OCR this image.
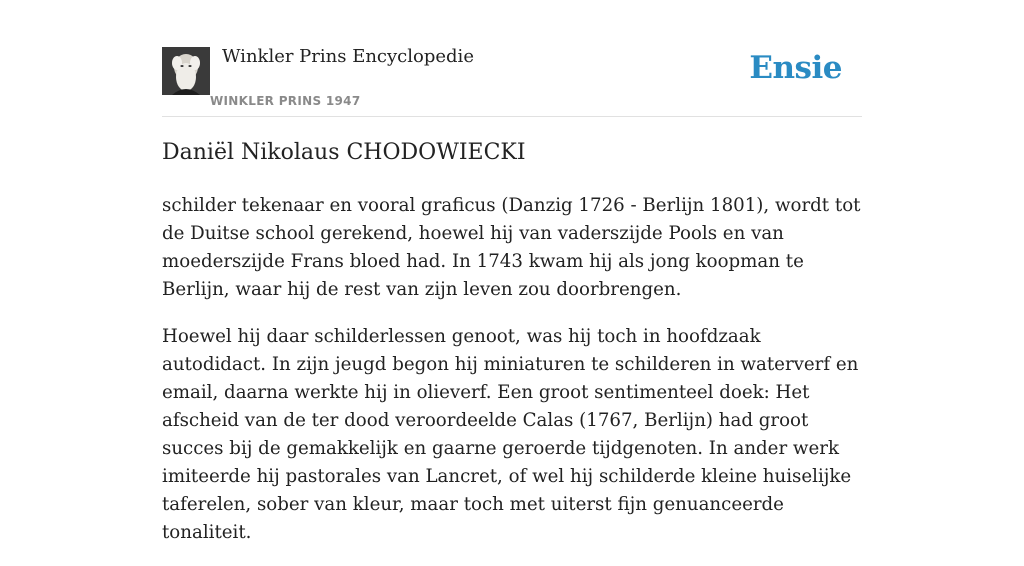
Winkler Prins Encyclopedie
WINKLER PRINS 1947
Ensie
Daniël Nikolaus CHODOWIECKI

schilder tekenaar en vooral graficus (Danzig 1726 - Berlijn 1801), wordt tot de Duitse school gerekend, hoewel hij van vaderszijde Pools en van moederszijde Frans bloed had. In 1743 kwam hij als jong koopman te Berlijn, waar hij de rest van zijn leven zou doorbrengen.

Hoewel hij daar schilderlessen genoot, was hij toch in hoofdzaak autodidact. In zijn jeugd begon hij miniaturen te schilderen in waterverf en email, daarna werkte hij in olieverf. Een groot sentimenteel doek: Het afscheid van de ter dood veroordeelde Calas (1767, Berlijn) had groot succes bij de gemakkelijk en gaarne geroerde tijdgenoten. In ander werk imiteerde hij pastorales van Lancret, of wel hij schilderde kleine huiselijke taferelen, sober van kleur, maar toch met uiterst fijn genuanceerde tonaliteit.
